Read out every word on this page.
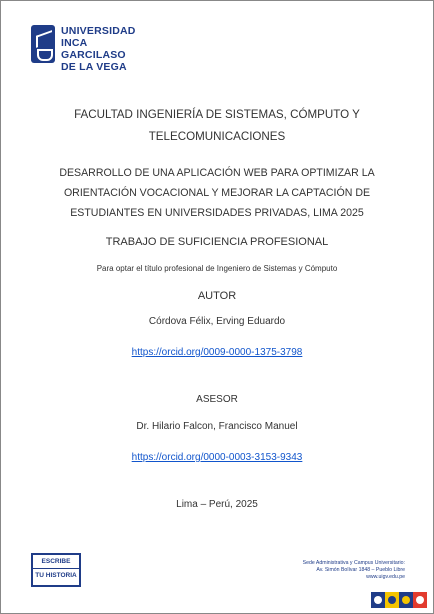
UNIVERSIDAD
INCA GARCILASO
DE LA VEGA
FACULTAD INGENIERÍA DE SISTEMAS, CÓMPUTO Y
TELECOMUNICACIONES
DESARROLLO DE UNA APLICACIÓN WEB PARA OPTIMIZAR LA
ORIENTACIÓN VOCACIONAL Y MEJORAR LA CAPTACIÓN DE
ESTUDIANTES EN UNIVERSIDADES PRIVADAS, LIMA 2025
TRABAJO DE SUFICIENCIA PROFESIONAL
Para optar el título profesional de Ingeniero de Sistemas y Cómputo
AUTOR
Córdova Félix, Erving Eduardo
https://orcid.org/0009-0000-1375-3798
ASESOR
Dr. Hilario Falcon, Francisco Manuel
https://orcid.org/0000-0003-3153-9343
Lima – Perú, 2025
ESCRIBE
TU HISTORIA
Sede Administrativa y Campus Universitario:
Av. Simón Bolívar 1848 – Pueblo Libre
www.uigv.edu.pe
